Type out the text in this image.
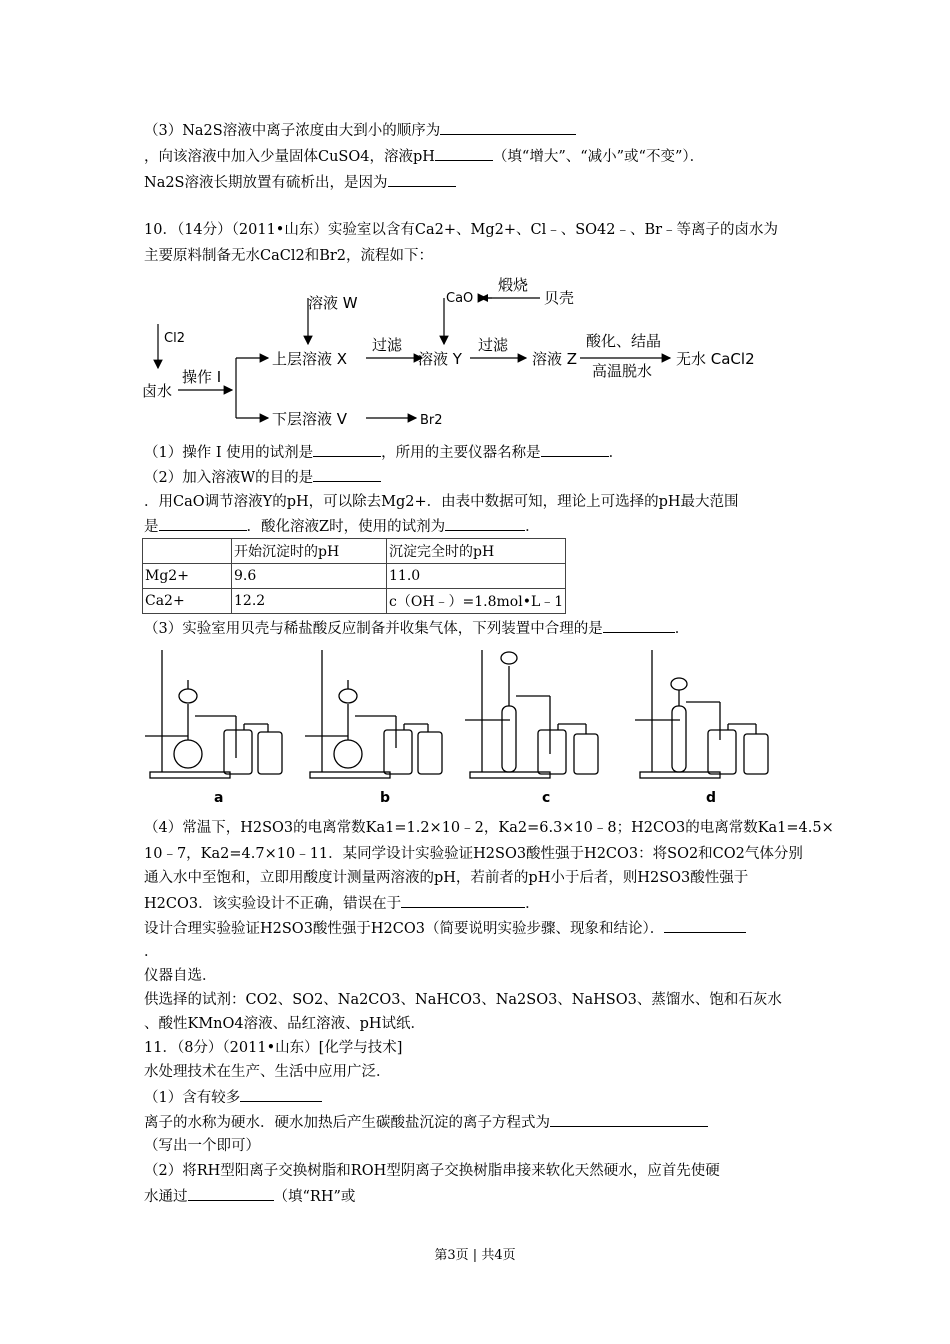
（3）Na2S溶液中离子浓度由大到小的顺序为
，向该溶液中加入少量固体CuSO4，溶液pH	（填“增大”、“减小”或“不变”）．
Na2S溶液长期放置有硫析出，是因为
10．（14分）（2011•山东）实验室以含有Ca2+、Mg2+、Cl﹣、SO42﹣、Br﹣等离子的卤水为
主要原料制备无水CaCl2和Br2，流程如下：
溶液 W	CaO
煅烧
贝壳
Cl2
卤水
操作 I
上层溶液 X
过滤
溶液 Y
过滤
溶液 Z
酸化、结晶
高温脱水
无水 CaCl2
下层溶液 V	Br2
（1）操作 I 使用的试剂是	，所用的主要仪器名称是	．
（2）加入溶液W的目的是
．用CaO调节溶液Y的pH，可以除去Mg2+．由表中数据可知，理论上可选择的pH最大范围
是	．酸化溶液Z时，使用的试剂为	．
	开始沉淀时的pH	沉淀完全时的pH
Mg2+	9.6	11.0
Ca2+	12.2	c（OH﹣）=1.8mol•L﹣1
（3）实验室用贝壳与稀盐酸反应制备并收集气体，下列装置中合理的是	．
a	b	c	d
（4）常温下，H2SO3的电离常数Ka1=1.2×10﹣2，Ka2=6.3×10﹣8；H2CO3的电离常数Ka1=4.5×
10﹣7，Ka2=4.7×10﹣11．某同学设计实验验证H2SO3酸性强于H2CO3：将SO2和CO2气体分别
通入水中至饱和，立即用酸度计测量两溶液的pH，若前者的pH小于后者，则H2SO3酸性强于
H2CO3．该实验设计不正确，错误在于	．
设计合理实验验证H2SO3酸性强于H2CO3（简要说明实验步骤、现象和结论）．
．
仪器自选．
供选择的试剂：CO2、SO2、Na2CO3、NaHCO3、Na2SO3、NaHSO3、蒸馏水、饱和石灰水
、酸性KMnO4溶液、品红溶液、pH试纸．
11．（8分）（2011•山东）[化学与技术]
水处理技术在生产、生活中应用广泛．
（1）含有较多
离子的水称为硬水．硬水加热后产生碳酸盐沉淀的离子方程式为
（写出一个即可）
（2）将RH型阳离子交换树脂和ROH型阴离子交换树脂串接来软化天然硬水，应首先使硬
水通过	（填“RH”或
第3页 | 共4页
